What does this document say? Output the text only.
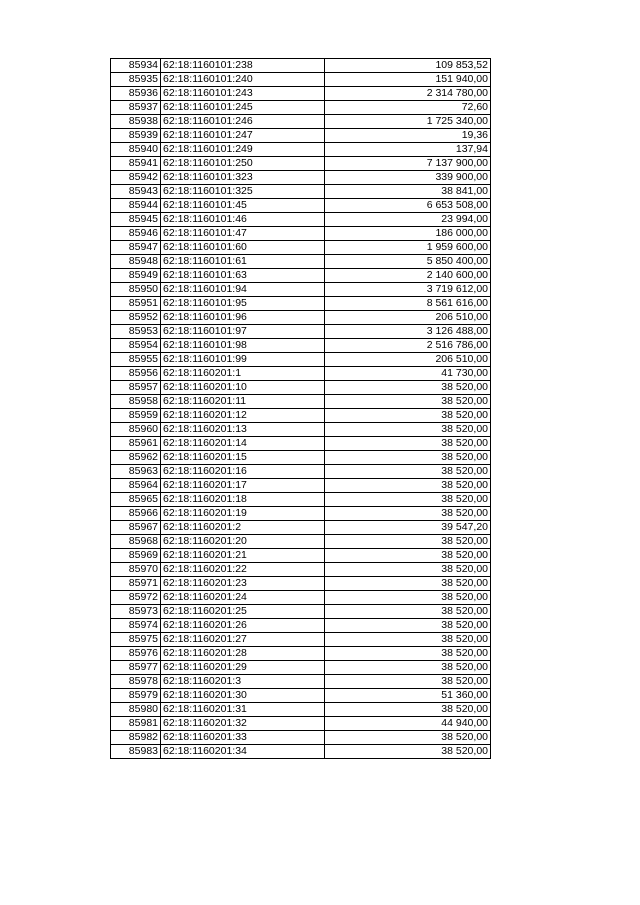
85934	62:18:1160101:238	109 853,52
85935	62:18:1160101:240	151 940,00
85936	62:18:1160101:243	2 314 780,00
85937	62:18:1160101:245	72,60
85938	62:18:1160101:246	1 725 340,00
85939	62:18:1160101:247	19,36
85940	62:18:1160101:249	137,94
85941	62:18:1160101:250	7 137 900,00
85942	62:18:1160101:323	339 900,00
85943	62:18:1160101:325	38 841,00
85944	62:18:1160101:45	6 653 508,00
85945	62:18:1160101:46	23 994,00
85946	62:18:1160101:47	186 000,00
85947	62:18:1160101:60	1 959 600,00
85948	62:18:1160101:61	5 850 400,00
85949	62:18:1160101:63	2 140 600,00
85950	62:18:1160101:94	3 719 612,00
85951	62:18:1160101:95	8 561 616,00
85952	62:18:1160101:96	206 510,00
85953	62:18:1160101:97	3 126 488,00
85954	62:18:1160101:98	2 516 786,00
85955	62:18:1160101:99	206 510,00
85956	62:18:1160201:1	41 730,00
85957	62:18:1160201:10	38 520,00
85958	62:18:1160201:11	38 520,00
85959	62:18:1160201:12	38 520,00
85960	62:18:1160201:13	38 520,00
85961	62:18:1160201:14	38 520,00
85962	62:18:1160201:15	38 520,00
85963	62:18:1160201:16	38 520,00
85964	62:18:1160201:17	38 520,00
85965	62:18:1160201:18	38 520,00
85966	62:18:1160201:19	38 520,00
85967	62:18:1160201:2	39 547,20
85968	62:18:1160201:20	38 520,00
85969	62:18:1160201:21	38 520,00
85970	62:18:1160201:22	38 520,00
85971	62:18:1160201:23	38 520,00
85972	62:18:1160201:24	38 520,00
85973	62:18:1160201:25	38 520,00
85974	62:18:1160201:26	38 520,00
85975	62:18:1160201:27	38 520,00
85976	62:18:1160201:28	38 520,00
85977	62:18:1160201:29	38 520,00
85978	62:18:1160201:3	38 520,00
85979	62:18:1160201:30	51 360,00
85980	62:18:1160201:31	38 520,00
85981	62:18:1160201:32	44 940,00
85982	62:18:1160201:33	38 520,00
85983	62:18:1160201:34	38 520,00
